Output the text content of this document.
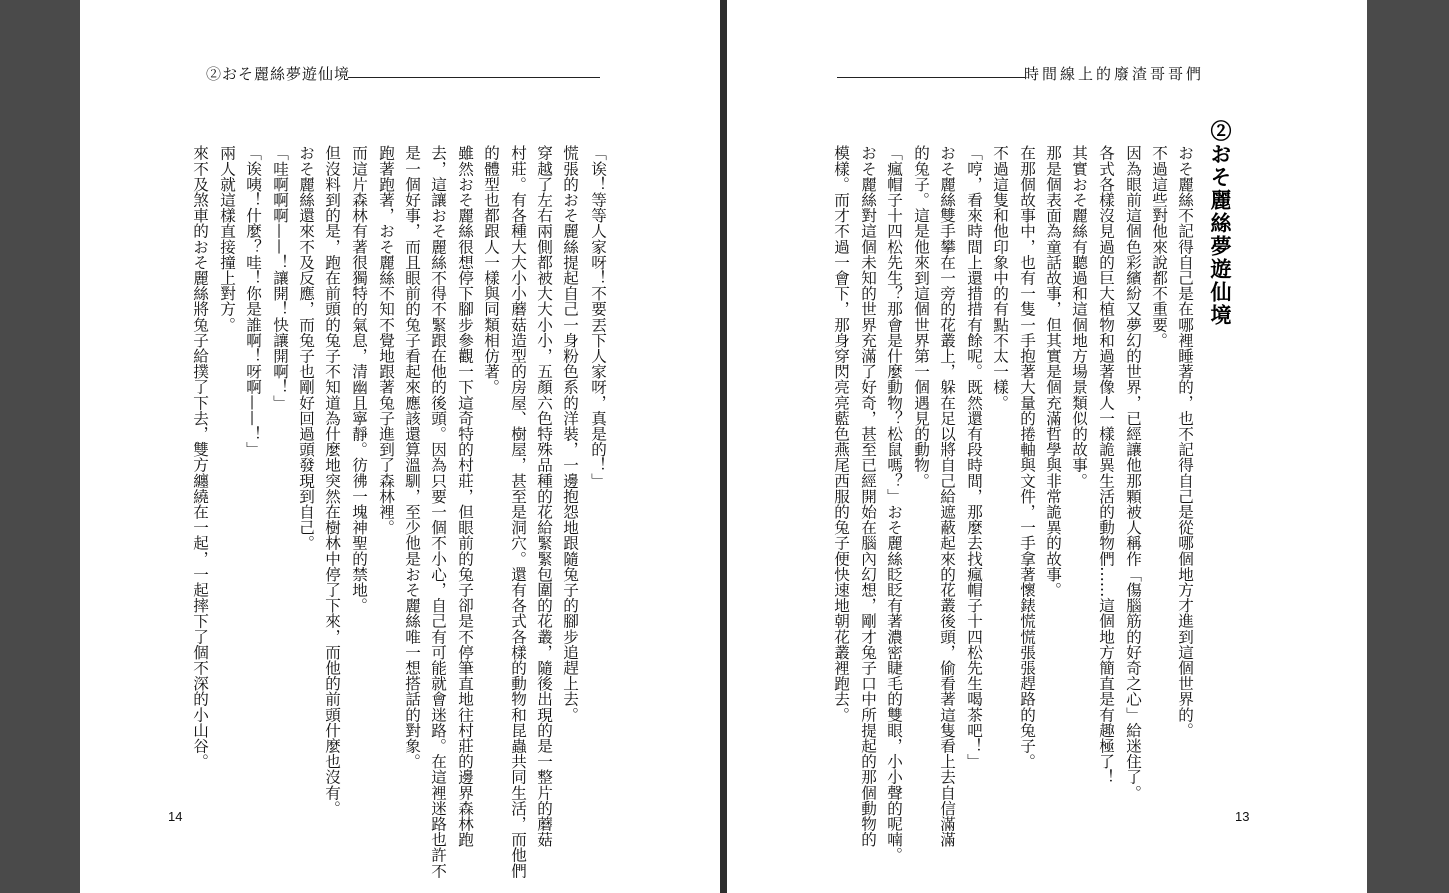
②おそ麗絲夢遊仙境
「诶！等等人家呀！不要丟下人家呀，真是的！」
慌張的おそ麗絲提起自己一身粉色系的洋裝，一邊抱怨地跟隨兔子的腳步追趕上去。
穿越了左右兩側都被大大小小，五顏六色特殊品種的花給緊緊包圍的花叢，隨後出現的是一整片的蘑菇
村莊。有各種大大小小蘑菇造型的房屋、樹屋，甚至是洞穴。還有各式各樣的動物和昆蟲共同生活，而他們
的體型也都跟人一樣與同類相仿著。
雖然おそ麗絲很想停下腳步參觀一下這奇特的村莊，但眼前的兔子卻是不停筆直地往村莊的邊界森林跑
去，這讓おそ麗絲不得不緊跟在他的後頭。因為只要一個不小心，自己有可能就會迷路。在這裡迷路也許不
是一個好事，而且眼前的兔子看起來應該還算溫馴，至少他是おそ麗絲唯一想搭話的對象。
跑著跑著，おそ麗絲不知不覺地跟著兔子進到了森林裡。
而這片森林有著很獨特的氣息，清幽且寧靜。彷彿一塊神聖的禁地。
但沒料到的是，跑在前頭的兔子不知道為什麼地突然在樹林中停了下來，而他的前頭什麼也沒有。
おそ麗絲還來不及反應，而兔子也剛好回過頭發現到自己。
「哇啊啊啊——！讓開！快讓開啊！」
「诶咦！什麼？哇！你是誰啊！呀啊——！」
兩人就這樣直接撞上對方。
來不及煞車的おそ麗絲將兔子給撲了下去，雙方纏繞在一起，一起摔下了個不深的小山谷。
14
時間線上的廢渣哥哥們
②おそ麗絲夢遊仙境
おそ麗絲不記得自己是在哪裡睡著的，也不記得自己是從哪個地方才進到這個世界的。
不過這些對他來說都不重要。
因為眼前這個色彩繽紛又夢幻的世界，已經讓他那顆被人稱作「傷腦筋的好奇之心」給迷住了。
各式各樣沒見過的巨大植物和過著像人一樣詭異生活的動物們……這個地方簡直是有趣極了！
其實おそ麗絲有聽過和這個地方場景類似的故事。
那是個表面為童話故事，但其實是個充滿哲學與非常詭異的故事。
在那個故事中，也有一隻一手抱著大量的捲軸與文件，一手拿著懷錶慌慌張張趕路的兔子。
不過這隻和他印象中的有點不太一樣。
「哼，看來時間上還措措有餘呢。既然還有段時間，那麼去找瘋帽子十四松先生喝茶吧！」
おそ麗絲雙手攀在一旁的花叢上，躲在足以將自己給遮蔽起來的花叢後頭，偷看著這隻看上去自信滿滿
的兔子。這是他來到這個世界第一個遇見的動物。
「瘋帽子十四松先生？那會是什麼動物？松鼠嗎？」おそ麗絲眨眨有著濃密睫毛的雙眼，小小聲的呢喃。
おそ麗絲對這個未知的世界充滿了好奇，甚至已經開始在腦內幻想，剛才兔子口中所提起的那個動物的
模樣。而才不過一會下，那身穿閃亮亮藍色燕尾西服的兔子便快速地朝花叢裡跑去。
13
